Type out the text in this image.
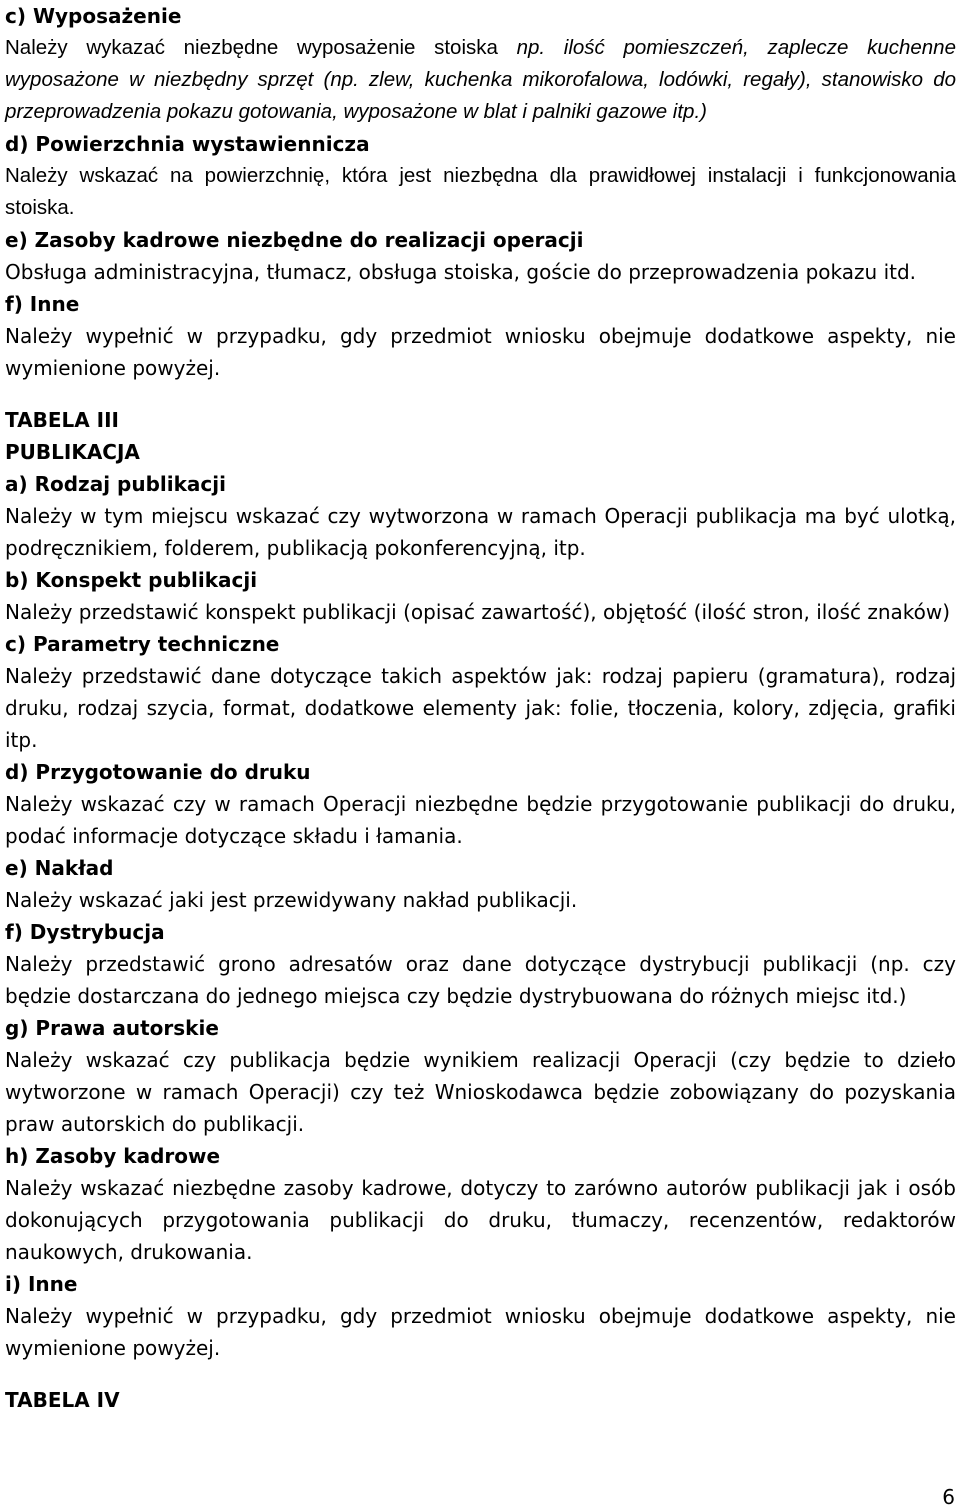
c) Wyposażenie
Należy wykazać niezbędne wyposażenie stoiska np. ilość pomieszczeń, zaplecze kuchenne wyposażone w niezbędny sprzęt (np. zlew, kuchenka mikorofalowa, lodówki, regały), stanowisko do przeprowadzenia pokazu gotowania, wyposażone w blat i palniki gazowe itp.)
d) Powierzchnia wystawiennicza
Należy wskazać na powierzchnię, która jest niezbędna dla prawidłowej instalacji i funkcjonowania stoiska.
e) Zasoby kadrowe niezbędne do realizacji operacji
Obsługa administracyjna, tłumacz, obsługa stoiska, goście do przeprowadzenia pokazu itd.
f) Inne
Należy wypełnić w przypadku, gdy przedmiot wniosku obejmuje dodatkowe aspekty, nie wymienione powyżej.
TABELA III
PUBLIKACJA
a) Rodzaj publikacji
Należy w tym miejscu wskazać czy wytworzona w ramach Operacji publikacja ma być ulotką, podręcznikiem, folderem, publikacją pokonferencyjną, itp.
b) Konspekt publikacji
Należy przedstawić konspekt publikacji (opisać zawartość), objętość (ilość stron, ilość znaków)
c) Parametry techniczne
Należy przedstawić dane dotyczące takich aspektów jak: rodzaj papieru (gramatura), rodzaj druku, rodzaj szycia, format, dodatkowe elementy jak: folie, tłoczenia, kolory, zdjęcia, grafiki itp.
d) Przygotowanie do druku
Należy wskazać czy w ramach Operacji niezbędne będzie przygotowanie publikacji do druku, podać informacje dotyczące składu i łamania.
e) Nakład
Należy wskazać jaki jest przewidywany nakład publikacji.
f) Dystrybucja
Należy przedstawić grono adresatów oraz dane dotyczące dystrybucji publikacji (np. czy będzie dostarczana do jednego miejsca czy będzie dystrybuowana do różnych miejsc itd.)
g) Prawa autorskie
Należy wskazać czy publikacja będzie wynikiem realizacji Operacji (czy będzie to dzieło wytworzone w ramach Operacji) czy też Wnioskodawca będzie zobowiązany do pozyskania praw autorskich do publikacji.
h) Zasoby kadrowe
Należy wskazać niezbędne zasoby kadrowe, dotyczy to zarówno autorów publikacji jak i osób dokonujących przygotowania publikacji do druku, tłumaczy, recenzentów, redaktorów naukowych, drukowania.
i) Inne
Należy wypełnić w przypadku, gdy przedmiot wniosku obejmuje dodatkowe aspekty, nie wymienione powyżej.
TABELA IV
6
